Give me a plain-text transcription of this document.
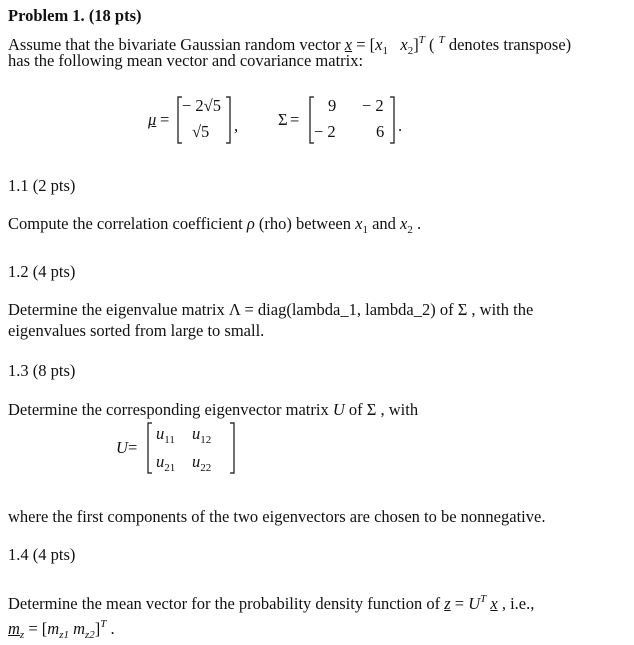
Problem 1. (18 pts)
Assume that the bivariate Gaussian random vector $x = [x_1$ $x_2]^T$ ( $^T$ denotes transpose)
has the following mean vector and covariance matrix:
μ =
− 2√5
√5 , Σ =
9 − 2
− 2 6 .
1.1 (2 pts)
Compute the correlation coefficient ρ (rho) between $x_1$ and $x_2$ .
1.2 (4 pts)
Determine the eigenvalue matrix Λ = diag(lambda_1, lambda_2) of Σ , with the
eigenvalues sorted from large to small.
1.3 (8 pts)
Determine the corresponding eigenvector matrix U of Σ , with
U =
$u_{11}$ $u_{12}$
$u_{21}$ $u_{22}$
where the first components of the two eigenvectors are chosen to be nonnegative.
1.4 (4 pts)
Determine the mean vector for the probability density function of $z = U^T$ x , i.e.,
$m_z = [m_{z1}$ $m_{z2}]^T$ .
